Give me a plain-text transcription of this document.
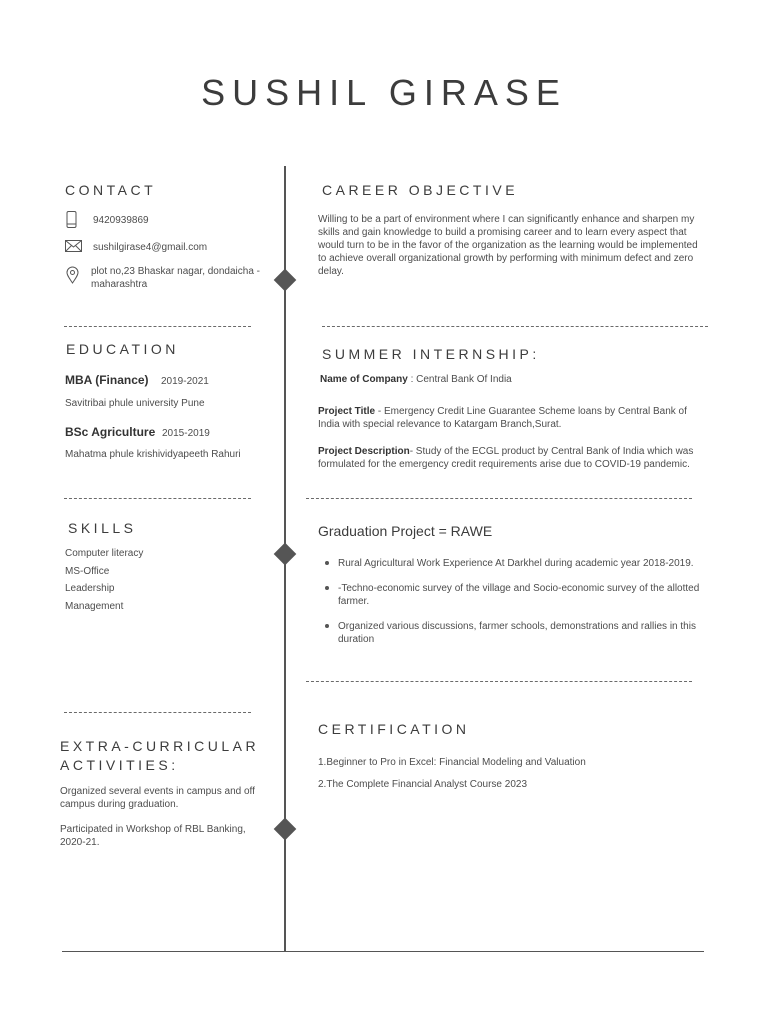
SUSHIL GIRASE
CONTACT
9420939869
sushilgirase4@gmail.com
plot no,23 Bhaskar nagar, dondaicha - maharashtra
EDUCATION
MBA (Finance) 2019-2021
Savitribai phule university Pune
BSc Agriculture 2015-2019
Mahatma phule krishividyapeeth Rahuri
SKILLS
Computer literacy
MS-Office
Leadership
Management
EXTRA-CURRICULAR ACTIVITIES:
Organized several events in campus and off campus during graduation.
Participated in Workshop of RBL Banking, 2020-21.
CAREER OBJECTIVE
Willing to be a part of environment where I can significantly enhance and sharpen my skills and gain knowledge to build a promising career and to learn every aspect that would turn to be in the favor of the organization as the learning would be implemented to achieve overall organizational growth by performing with minimum defect and zero delay.
SUMMER INTERNSHIP:
Name of Company : Central Bank Of India
Project Title - Emergency Credit Line Guarantee Scheme loans by Central Bank of India with special relevance to Katargam Branch,Surat.
Project Description- Study of the ECGL product by Central Bank of India which was formulated for the emergency credit requirements arise due to COVID-19 pandemic.
Graduation Project = RAWE
Rural Agricultural Work Experience At Darkhel during academic year 2018-2019.
-Techno-economic survey of the village and Socio-economic survey of the allotted farmer.
Organized various discussions, farmer schools, demonstrations and rallies in this duration
CERTIFICATION
1.Beginner to Pro in Excel: Financial Modeling and Valuation
2.The Complete Financial Analyst Course 2023
